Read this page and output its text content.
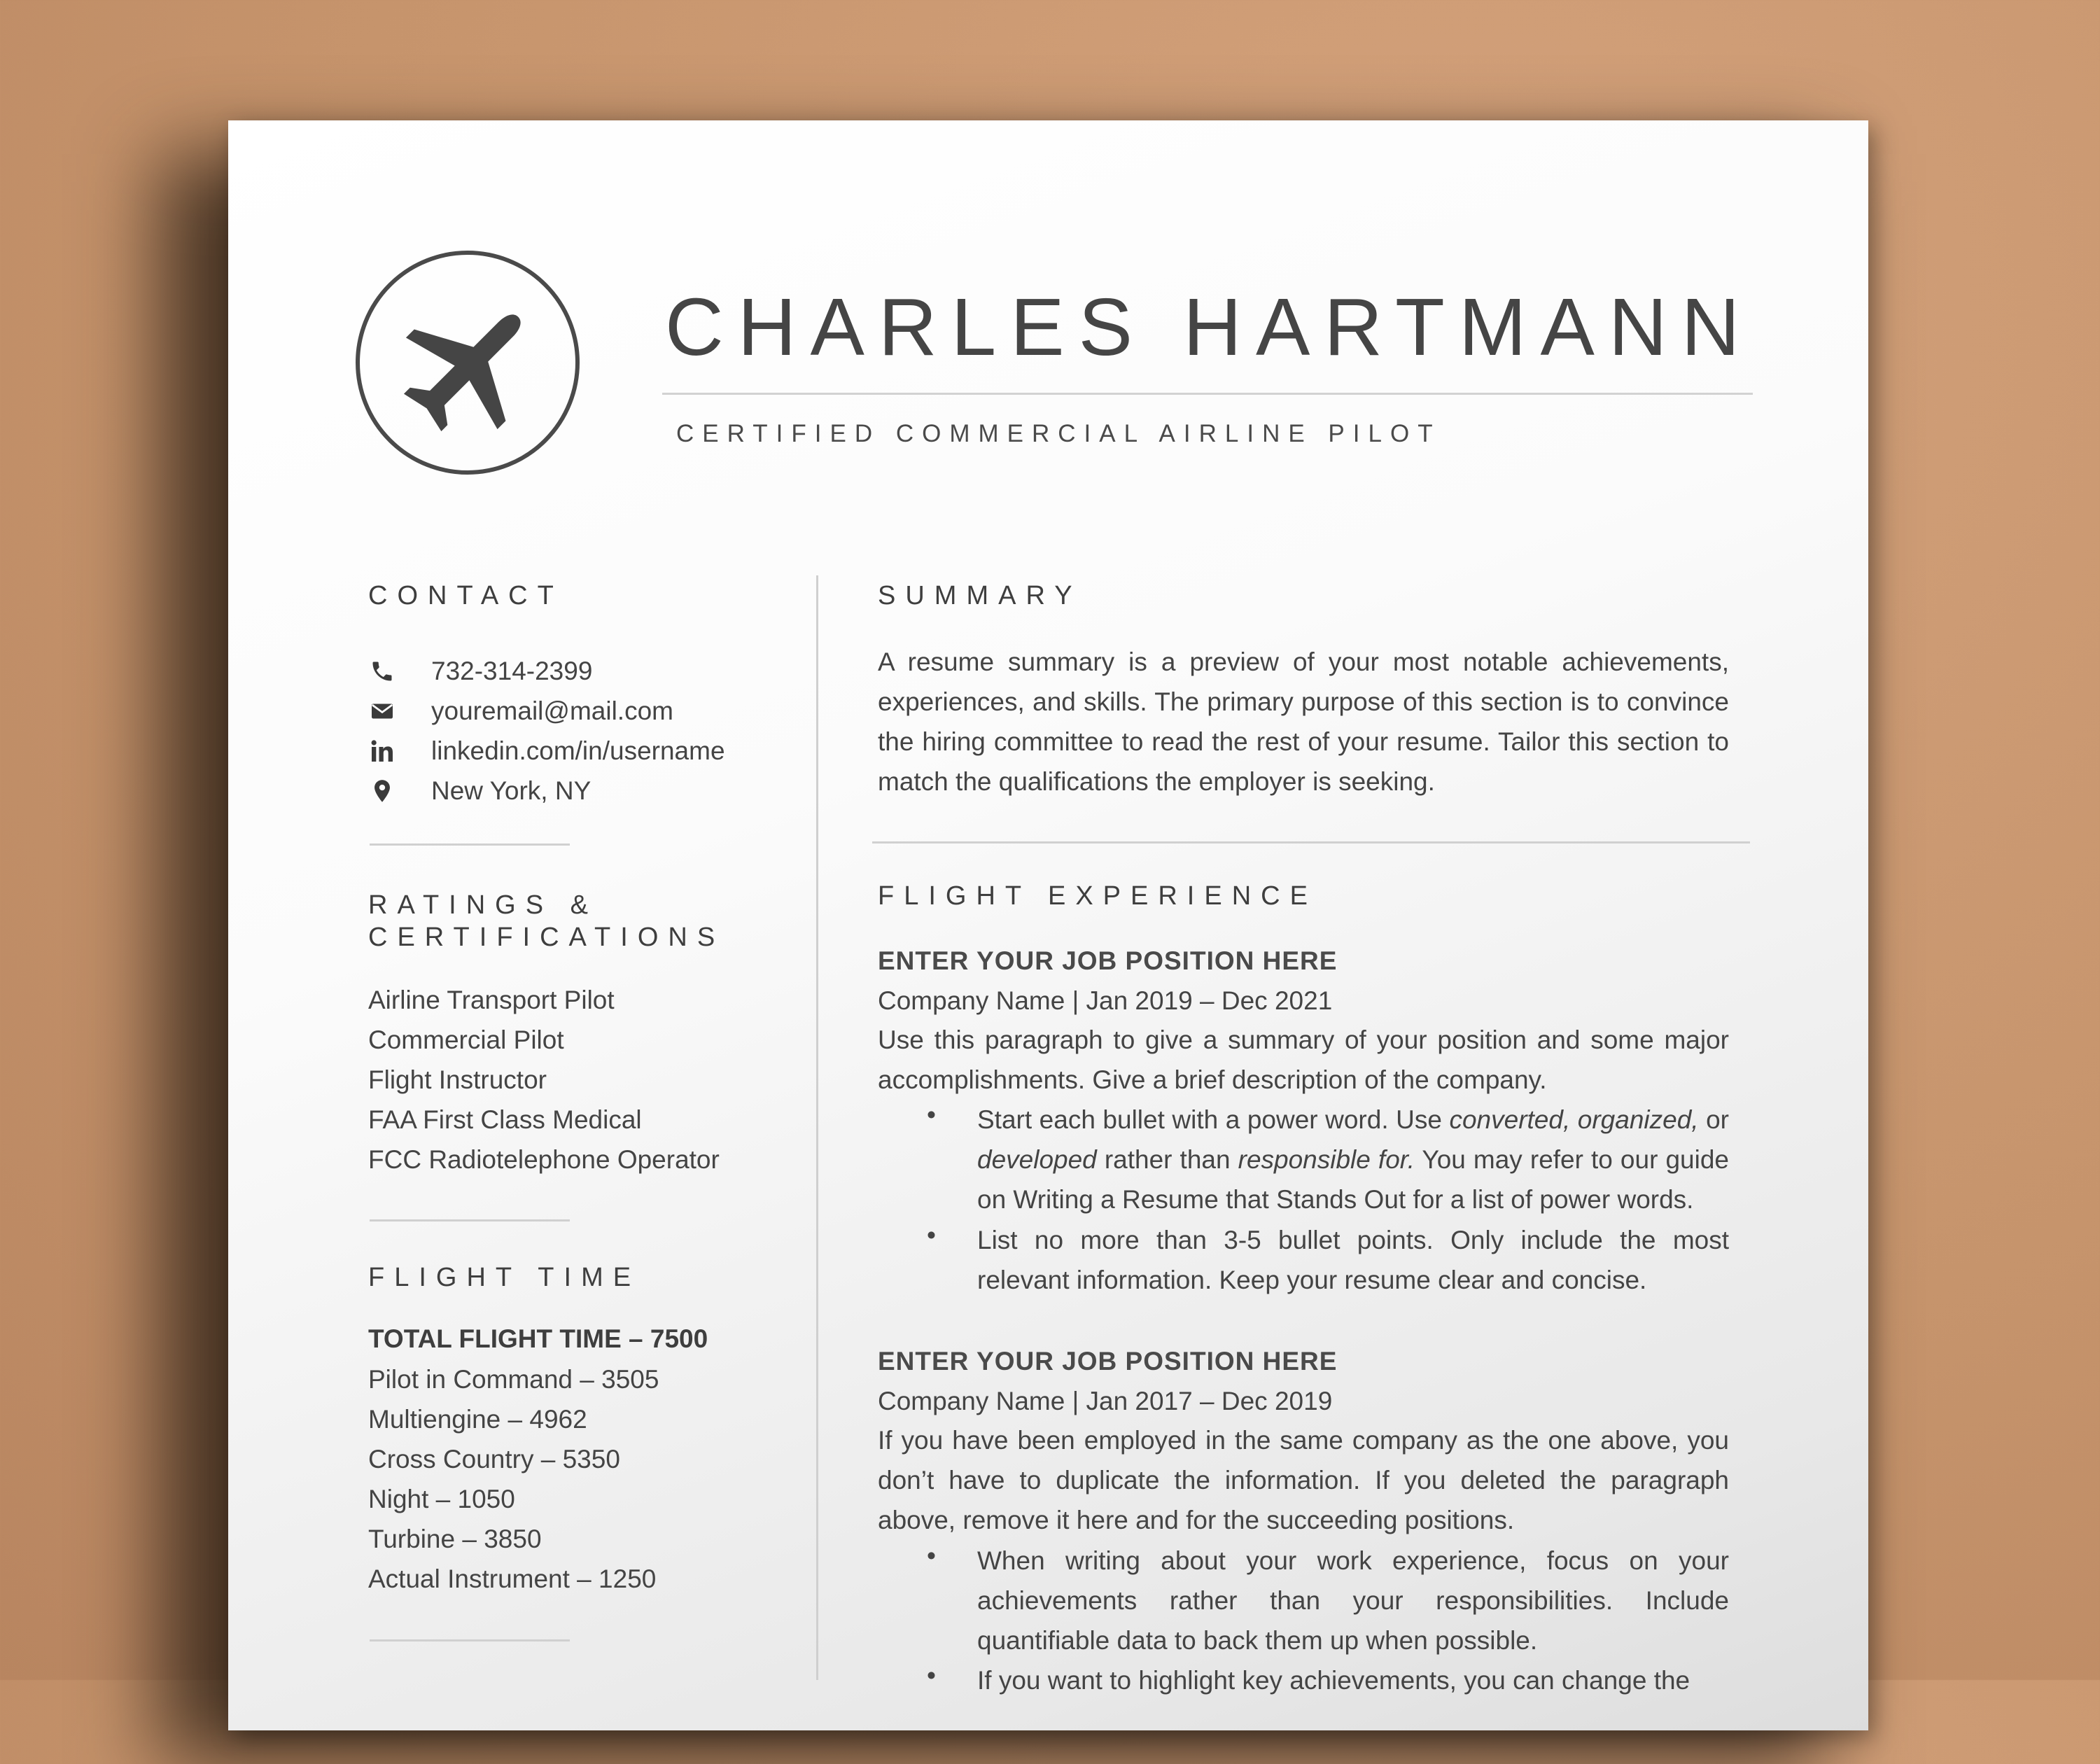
CHARLES HARTMANN
CERTIFIED COMMERCIAL AIRLINE PILOT
CONTACT
732-314-2399
youremail@mail.com
linkedin.com/in/username
New York, NY
RATINGS &
CERTIFICATIONS
Airline Transport Pilot
Commercial Pilot
Flight Instructor
FAA First Class Medical
FCC Radiotelephone Operator
FLIGHT TIME
TOTAL FLIGHT TIME – 7500
Pilot in Command – 3505
Multiengine – 4962
Cross Country – 5350
Night – 1050
Turbine – 3850
Actual Instrument – 1250
SUMMARY
A resume summary is a preview of your most notable achievements, experiences, and skills. The primary purpose of this section is to convince the hiring committee to read the rest of your resume. Tailor this section to match the qualifications the employer is seeking.
FLIGHT EXPERIENCE
ENTER YOUR JOB POSITION HERE
Company Name | Jan 2019 – Dec 2021
Use this paragraph to give a summary of your position and some major accomplishments. Give a brief description of the company.
• Start each bullet with a power word. Use converted, organized, or developed rather than responsible for. You may refer to our guide on Writing a Resume that Stands Out for a list of power words.
• List no more than 3-5 bullet points. Only include the most relevant information. Keep your resume clear and concise.
ENTER YOUR JOB POSITION HERE
Company Name | Jan 2017 – Dec 2019
If you have been employed in the same company as the one above, you don’t have to duplicate the information. If you deleted the paragraph above, remove it here and for the succeeding positions.
• When writing about your work experience, focus on your achievements rather than your responsibilities. Include quantifiable data to back them up when possible.
•
